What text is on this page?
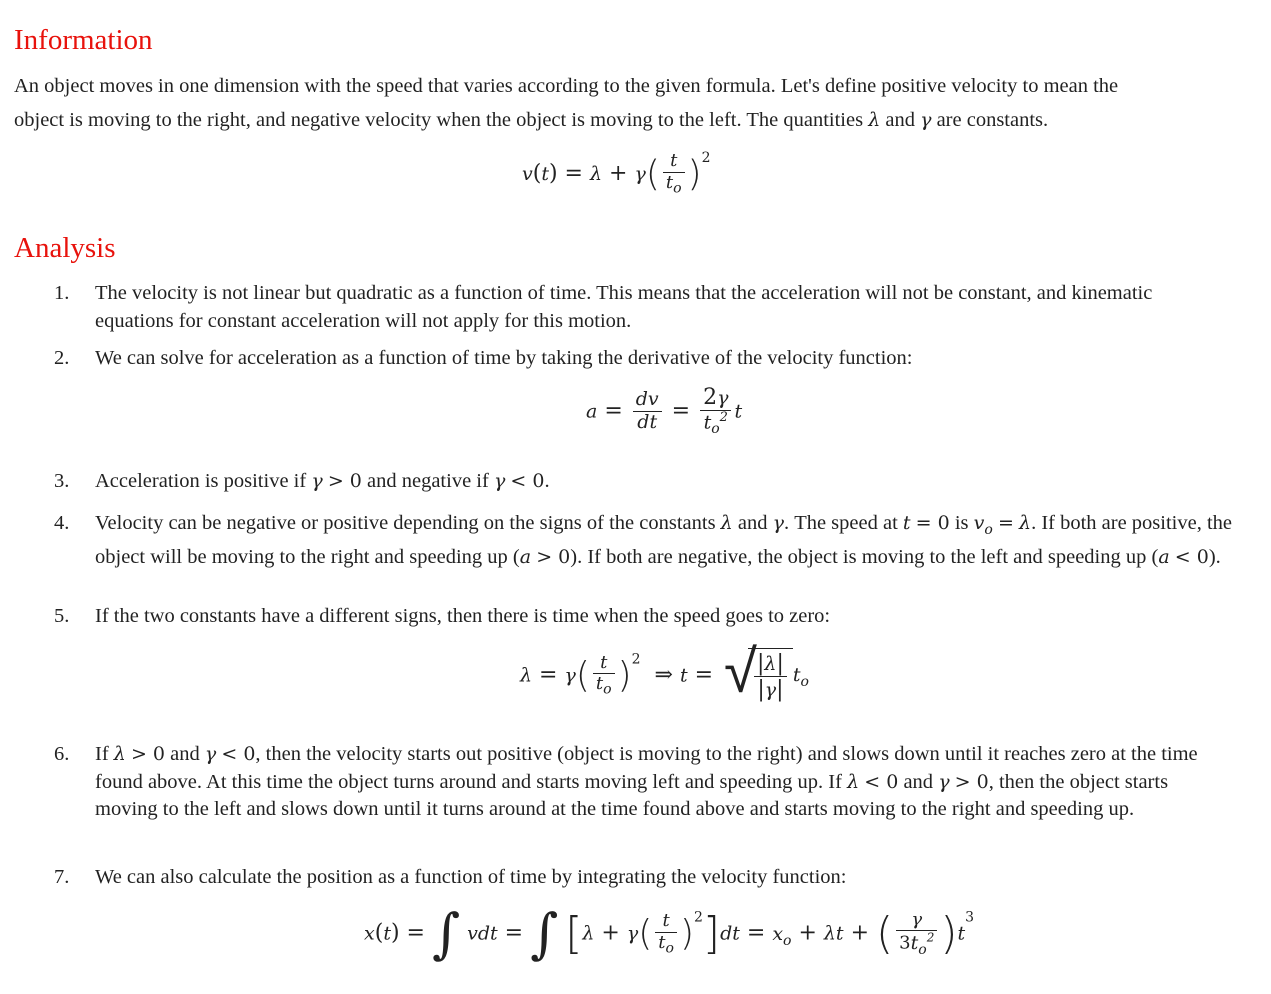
Information
An object moves in one dimension with the speed that varies according to the given formula. Let's define positive velocity to mean the
object is moving to the right, and negative velocity when the object is moving to the left. The quantities λ and γ are constants.
$v(t) = \lambda + \gamma( \frac{t}{t_o} )^2$
Analysis
1. The velocity is not linear but quadratic as a function of time. This means that the acceleration will not be constant, and kinematic equations for constant acceleration will not apply for this motion.
2. We can solve for acceleration as a function of time by taking the derivative of the velocity function:
$a = \frac{dv}{dt} = \frac{2\gamma}{t_o^2}$ t
3. Acceleration is positive if γ > 0 and negative if γ < 0.
4. Velocity can be negative or positive depending on the signs of the constants λ and γ. The speed at t = 0 is $v_o = \lambda$. If both are positive, the object will be moving to the right and speeding up (a > 0). If both are negative, the object is moving to the left and speeding up (a < 0).
5. If the two constants have a different signs, then there is time when the speed goes to zero:
$\lambda = \gamma( \frac{t}{t_o} )^2$  ⇒ t = √
$\frac{|\lambda|}{|\gamma|} t_o$
6. If λ > 0 and γ < 0, then the velocity starts out positive (object is moving to the right) and slows down until it reaches zero at the time found above. At this time the object turns around and starts moving left and speeding up. If λ < 0 and γ > 0, then the object starts moving to the left and slows down until it turns around at the time found above and starts moving to the right and speeding up.
7. We can also calculate the position as a function of time by integrating the velocity function:
x(t) = ∫ vdt = ∫ $[\lambda + \gamma( \frac{t}{t_o} )^2]dt = x_o + \lambda t$ + ( $\frac{\gamma}{3t_o^2} )t^3$
